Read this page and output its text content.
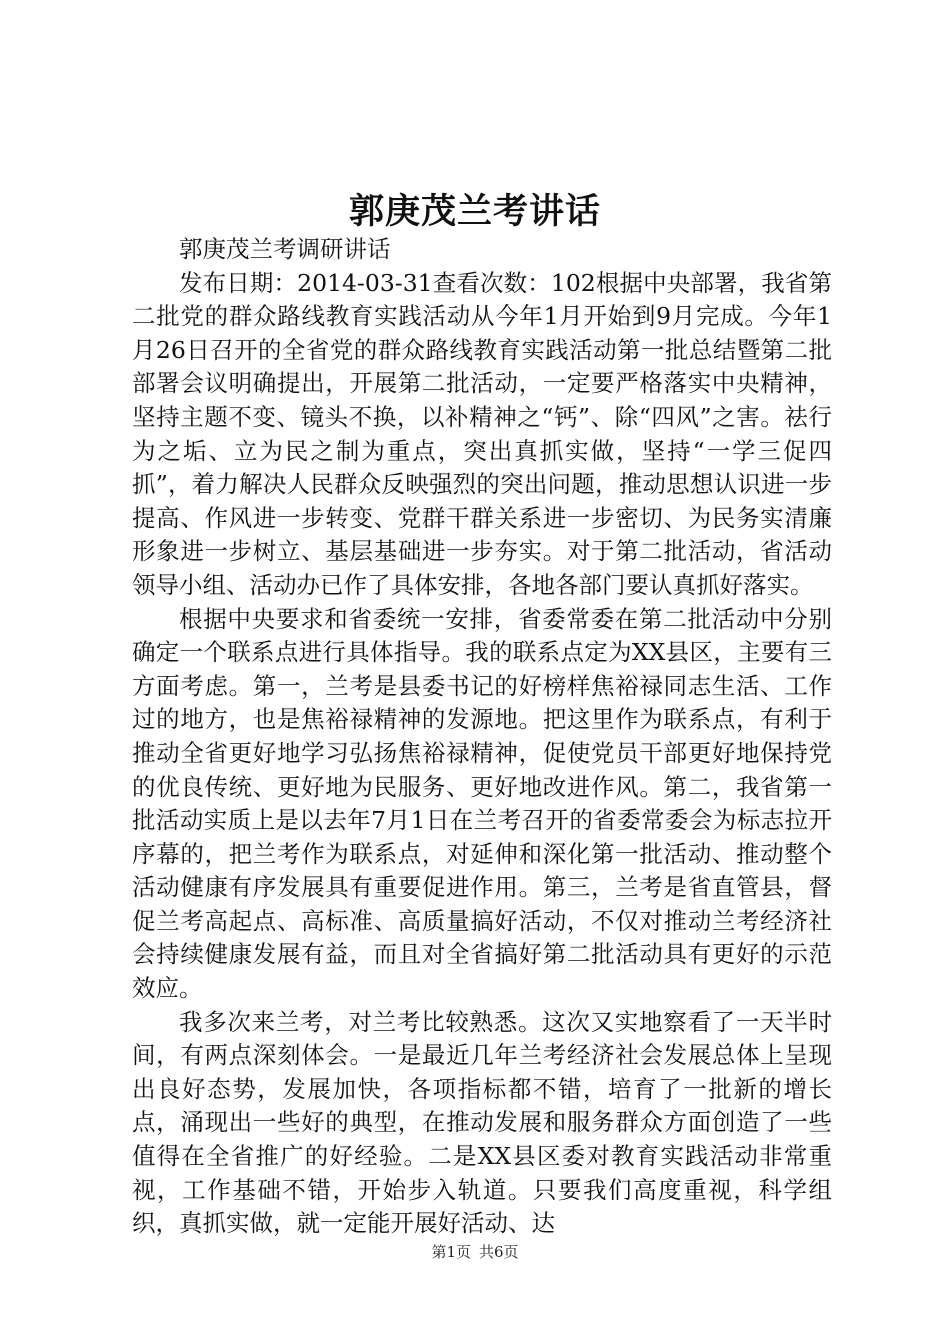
郭庚茂兰考讲话

郭庚茂兰考调研讲话

发布日期：2014-03-31查看次数：102根据中央部署，我省第二批党的群众路线教育实践活动从今年1月开始到9月完成。今年1月26日召开的全省党的群众路线教育实践活动第一批总结暨第二批部署会议明确提出，开展第二批活动，一定要严格落实中央精神，坚持主题不变、镜头不换，以补精神之“钙”、除“四风”之害。祛行为之垢、立为民之制为重点，突出真抓实做，坚持“一学三促四抓”，着力解决人民群众反映强烈的突出问题，推动思想认识进一步提高、作风进一步转变、党群干群关系进一步密切、为民务实清廉形象进一步树立、基层基础进一步夯实。对于第二批活动，省活动领导小组、活动办已作了具体安排，各地各部门要认真抓好落实。

根据中央要求和省委统一安排，省委常委在第二批活动中分别确定一个联系点进行具体指导。我的联系点定为XX县区，主要有三方面考虑。第一，兰考是县委书记的好榜样焦裕禄同志生活、工作过的地方，也是焦裕禄精神的发源地。把这里作为联系点，有利于推动全省更好地学习弘扬焦裕禄精神，促使党员干部更好地保持党的优良传统、更好地为民服务、更好地改进作风。第二，我省第一批活动实质上是以去年7月1日在兰考召开的省委常委会为标志拉开序幕的，把兰考作为联系点，对延伸和深化第一批活动、推动整个活动健康有序发展具有重要促进作用。第三，兰考是省直管县，督促兰考高起点、高标准、高质量搞好活动，不仅对推动兰考经济社会持续健康发展有益，而且对全省搞好第二批活动具有更好的示范效应。

我多次来兰考，对兰考比较熟悉。这次又实地察看了一天半时间，有两点深刻体会。一是最近几年兰考经济社会发展总体上呈现出良好态势，发展加快，各项指标都不错，培育了一批新的增长点，涌现出一些好的典型，在推动发展和服务群众方面创造了一些值得在全省推广的好经验。二是XX县区委对教育实践活动非常重视，工作基础不错，开始步入轨道。只要我们高度重视，科学组织，真抓实做，就一定能开展好活动、达

第1页 共6页
